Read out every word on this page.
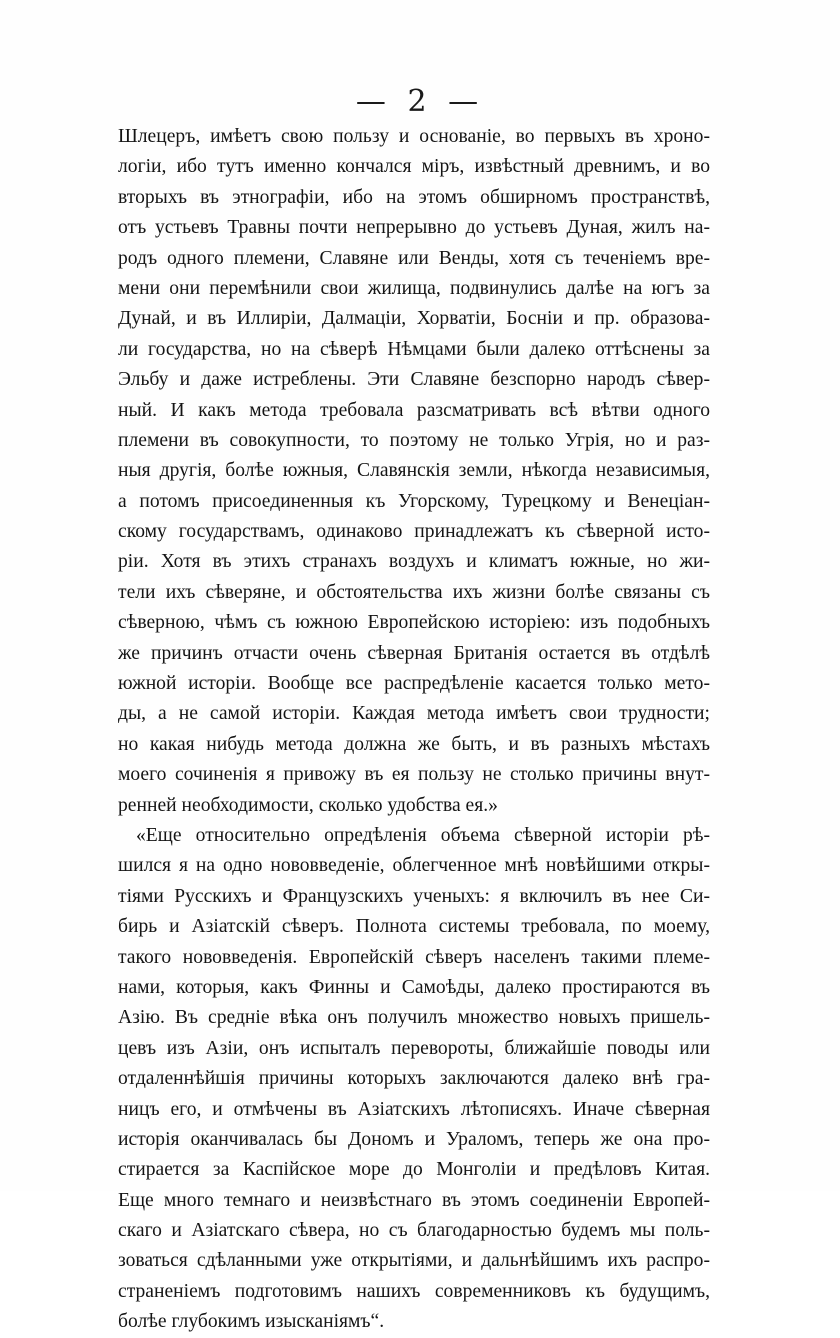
— 2 —
Шлецеръ, имѣетъ свою пользу и основаніе, во первыхъ въ хроно-
логіи, ибо тутъ именно кончался міръ, извѣстный древнимъ, и во
вторыхъ въ этнографіи, ибо на этомъ обширномъ пространствѣ,
отъ устьевъ Травны почти непрерывно до устьевъ Дуная, жилъ на-
родъ одного племени, Славяне или Венды, хотя съ теченіемъ вре-
мени они перемѣнили свои жилища, подвинулись далѣе на югъ за
Дунай, и въ Иллиріи, Далмаціи, Хорватіи, Босніи и пр. образова-
ли государства, но на сѣверѣ Нѣмцами были далеко оттѣснены за
Эльбу и даже истреблены. Эти Славяне безспорно народъ сѣвер-
ный. И какъ метода требовала разсматривать всѣ вѣтви одного
племени въ совокупности, то поэтому не только Угрія, но и раз-
ныя другія, болѣе южныя, Славянскія земли, нѣкогда независимыя,
а потомъ присоединенныя къ Угорскому, Турецкому и Венеціан-
скому государствамъ, одинаково принадлежатъ къ сѣверной исто-
ріи. Хотя въ этихъ странахъ воздухъ и климатъ южные, но жи-
тели ихъ сѣверяне, и обстоятельства ихъ жизни болѣе связаны съ
сѣверною, чѣмъ съ южною Европейскою исторіею: изъ подобныхъ
же причинъ отчасти очень сѣверная Британія остается въ отдѣлѣ
южной исторіи. Вообще все распредѣленіе касается только мето-
ды, а не самой исторіи. Каждая метода имѣетъ свои трудности;
но какая нибудь метода должна же быть, и въ разныхъ мѣстахъ
моего сочиненія я привожу въ ея пользу не столько причины внут-
ренней необходимости, сколько удобства ея.»
«Еще относительно опредѣленія объема сѣверной исторіи рѣ-
шился я на одно нововведеніе, облегченное мнѣ новѣйшими откры-
тіями Русскихъ и Французскихъ ученыхъ: я включилъ въ нее Си-
бирь и Азіатскій сѣверъ. Полнота системы требовала, по моему,
такого нововведенія. Европейскій сѣверъ населенъ такими племе-
нами, которыя, какъ Финны и Самоѣды, далеко простираются въ
Азію. Въ средніе вѣка онъ получилъ множество новыхъ пришель-
цевъ изъ Азіи, онъ испыталъ перевороты, ближайшіе поводы или
отдаленнѣйшія причины которыхъ заключаются далеко внѣ гра-
ницъ его, и отмѣчены въ Азіатскихъ лѣтописяхъ. Иначе сѣверная
исторія оканчивалась бы Дономъ и Ураломъ, теперь же она про-
стирается за Каспійское море до Монголіи и предѣловъ Китая.
Еще много темнаго и неизвѣстнаго въ этомъ соединеніи Европей-
скаго и Азіатскаго сѣвера, но съ благодарностью будемъ мы поль-
зоваться сдѣланными уже открытіями, и дальнѣйшимъ ихъ распро-
страненіемъ подготовимъ нашихъ современниковъ къ будущимъ,
болѣе глубокимъ изысканіямъ“.
